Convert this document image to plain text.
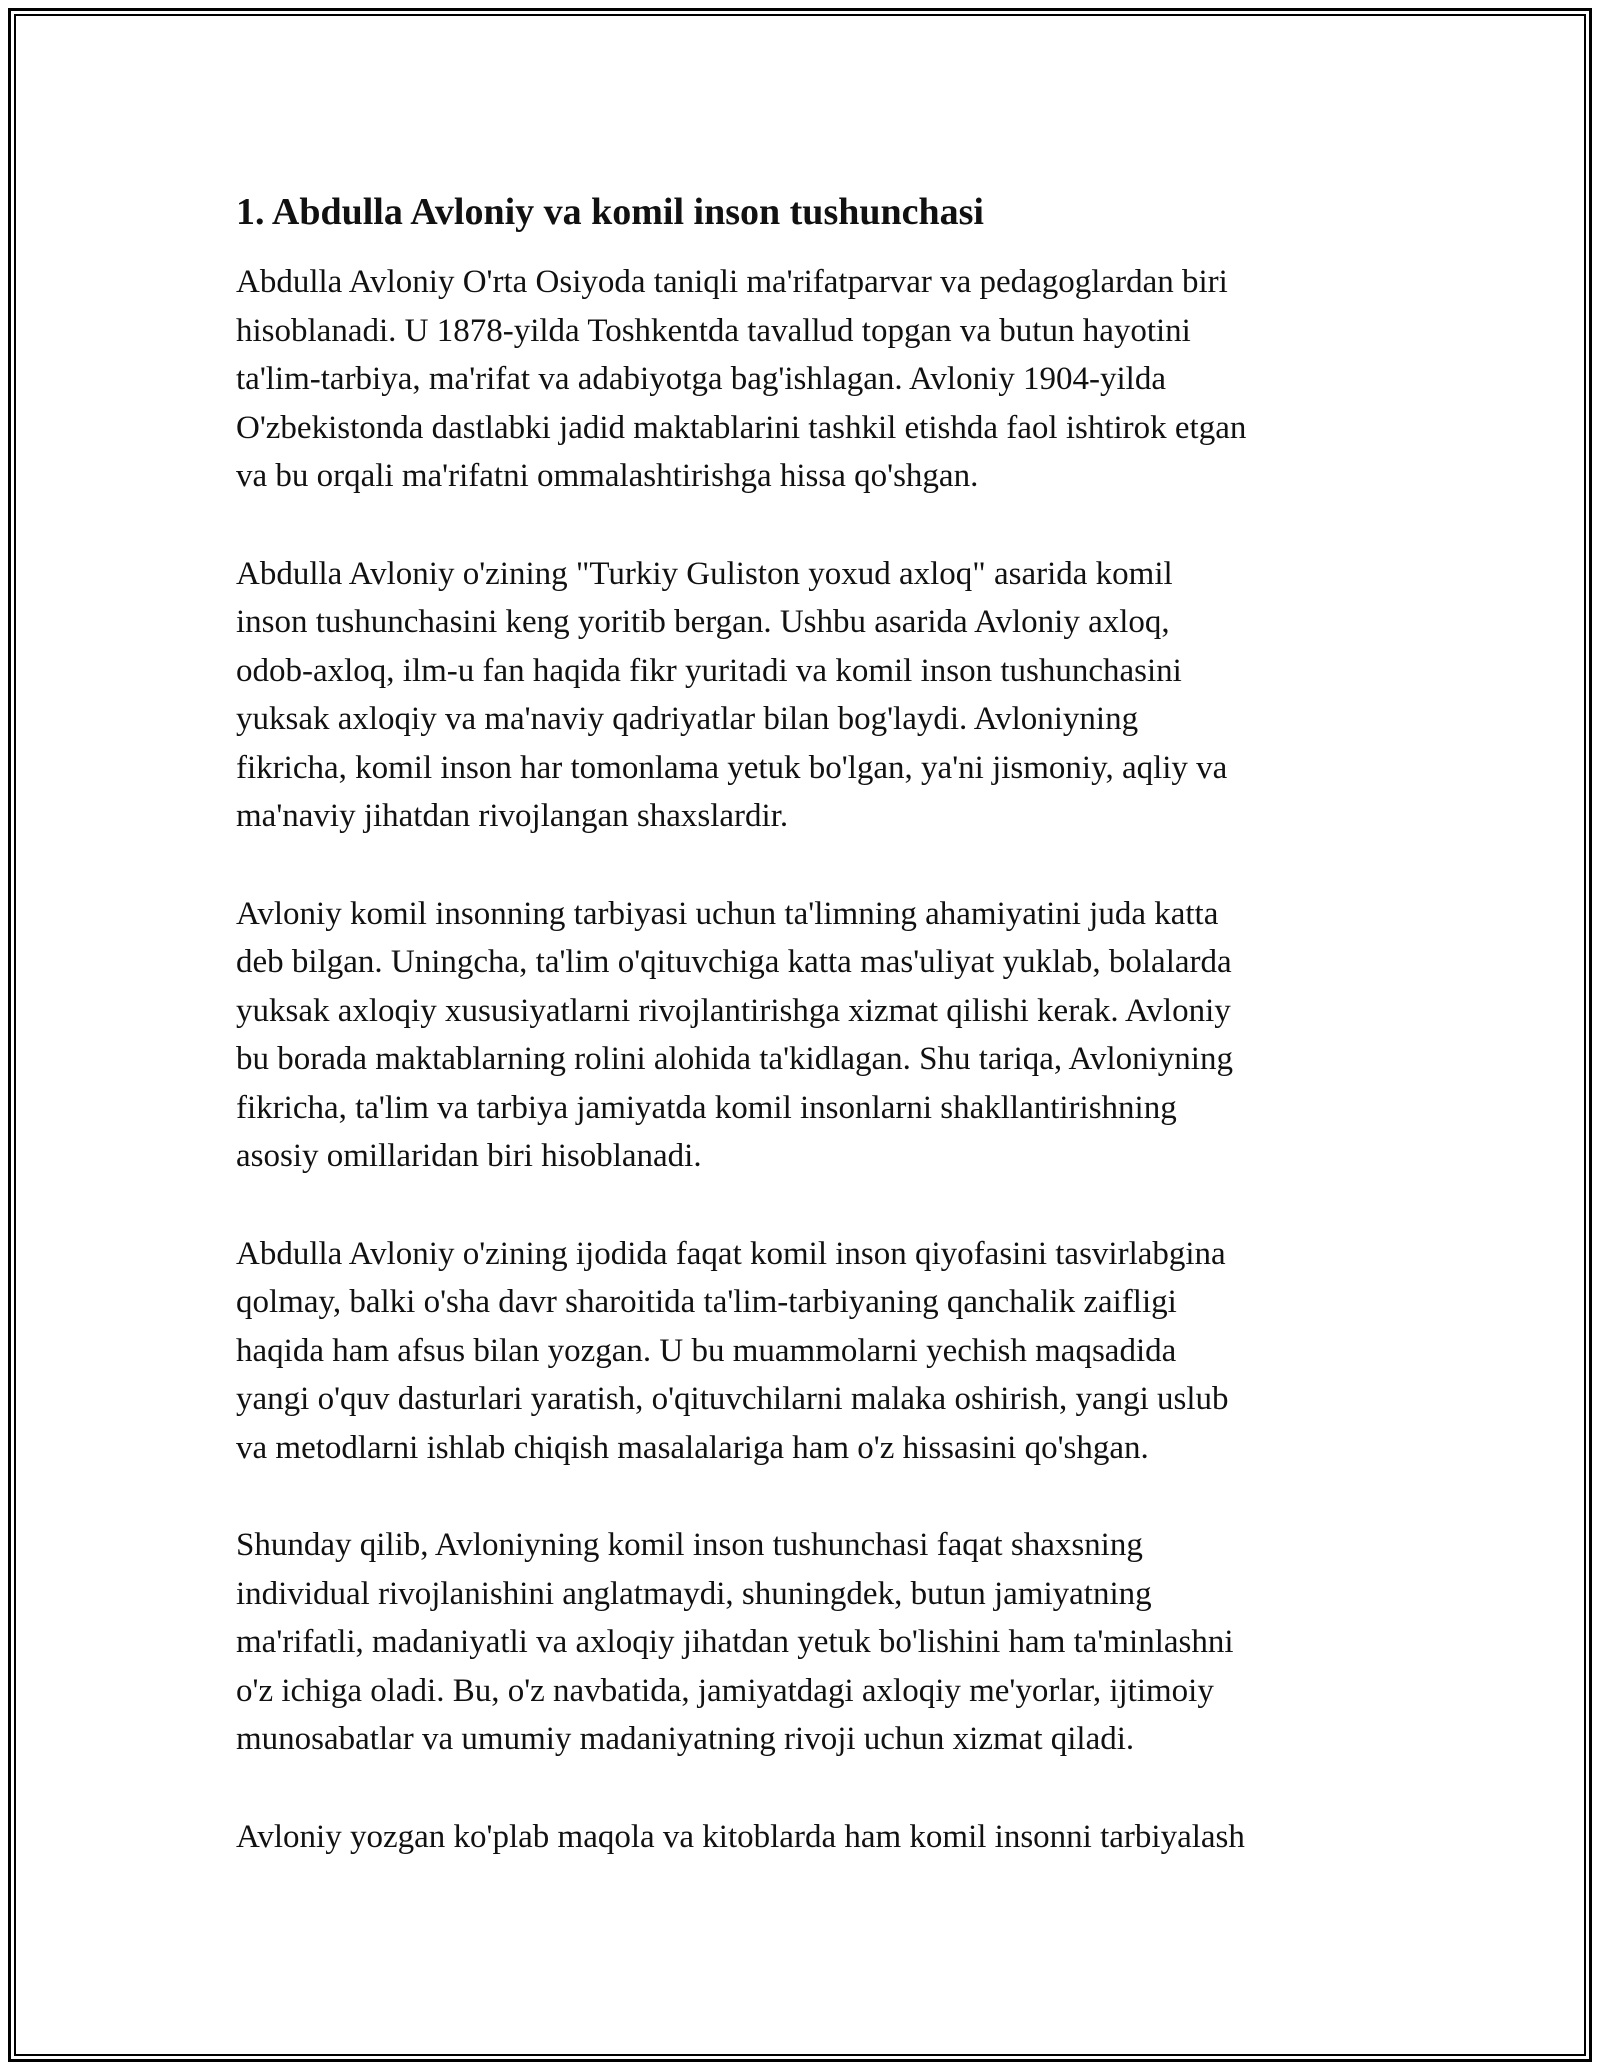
1. Abdulla Avloniy va komil inson tushunchasi

Abdulla Avloniy O'rta Osiyoda taniqli ma'rifatparvar va pedagoglardan biri
hisoblanadi. U 1878-yilda Toshkentda tavallud topgan va butun hayotini
ta'lim-tarbiya, ma'rifat va adabiyotga bag'ishlagan. Avloniy 1904-yilda
O'zbekistonda dastlabki jadid maktablarini tashkil etishda faol ishtirok etgan
va bu orqali ma'rifatni ommalashtirishga hissa qo'shgan.

Abdulla Avloniy o'zining "Turkiy Guliston yoxud axloq" asarida komil
inson tushunchasini keng yoritib bergan. Ushbu asarida Avloniy axloq,
odob-axloq, ilm-u fan haqida fikr yuritadi va komil inson tushunchasini
yuksak axloqiy va ma'naviy qadriyatlar bilan bog'laydi. Avloniyning
fikricha, komil inson har tomonlama yetuk bo'lgan, ya'ni jismoniy, aqliy va
ma'naviy jihatdan rivojlangan shaxslardir.

Avloniy komil insonning tarbiyasi uchun ta'limning ahamiyatini juda katta
deb bilgan. Uningcha, ta'lim o'qituvchiga katta mas'uliyat yuklab, bolalarda
yuksak axloqiy xususiyatlarni rivojlantirishga xizmat qilishi kerak. Avloniy
bu borada maktablarning rolini alohida ta'kidlagan. Shu tariqa, Avloniyning
fikricha, ta'lim va tarbiya jamiyatda komil insonlarni shakllantirishning
asosiy omillaridan biri hisoblanadi.

Abdulla Avloniy o'zining ijodida faqat komil inson qiyofasini tasvirlabgina
qolmay, balki o'sha davr sharoitida ta'lim-tarbiyaning qanchalik zaifligi
haqida ham afsus bilan yozgan. U bu muammolarni yechish maqsadida
yangi o'quv dasturlari yaratish, o'qituvchilarni malaka oshirish, yangi uslub
va metodlarni ishlab chiqish masalalariga ham o'z hissasini qo'shgan.

Shunday qilib, Avloniyning komil inson tushunchasi faqat shaxsning
individual rivojlanishini anglatmaydi, shuningdek, butun jamiyatning
ma'rifatli, madaniyatli va axloqiy jihatdan yetuk bo'lishini ham ta'minlashni
o'z ichiga oladi. Bu, o'z navbatida, jamiyatdagi axloqiy me'yorlar, ijtimoiy
munosabatlar va umumiy madaniyatning rivoji uchun xizmat qiladi.

Avloniy yozgan ko'plab maqola va kitoblarda ham komil insonni tarbiyalash
